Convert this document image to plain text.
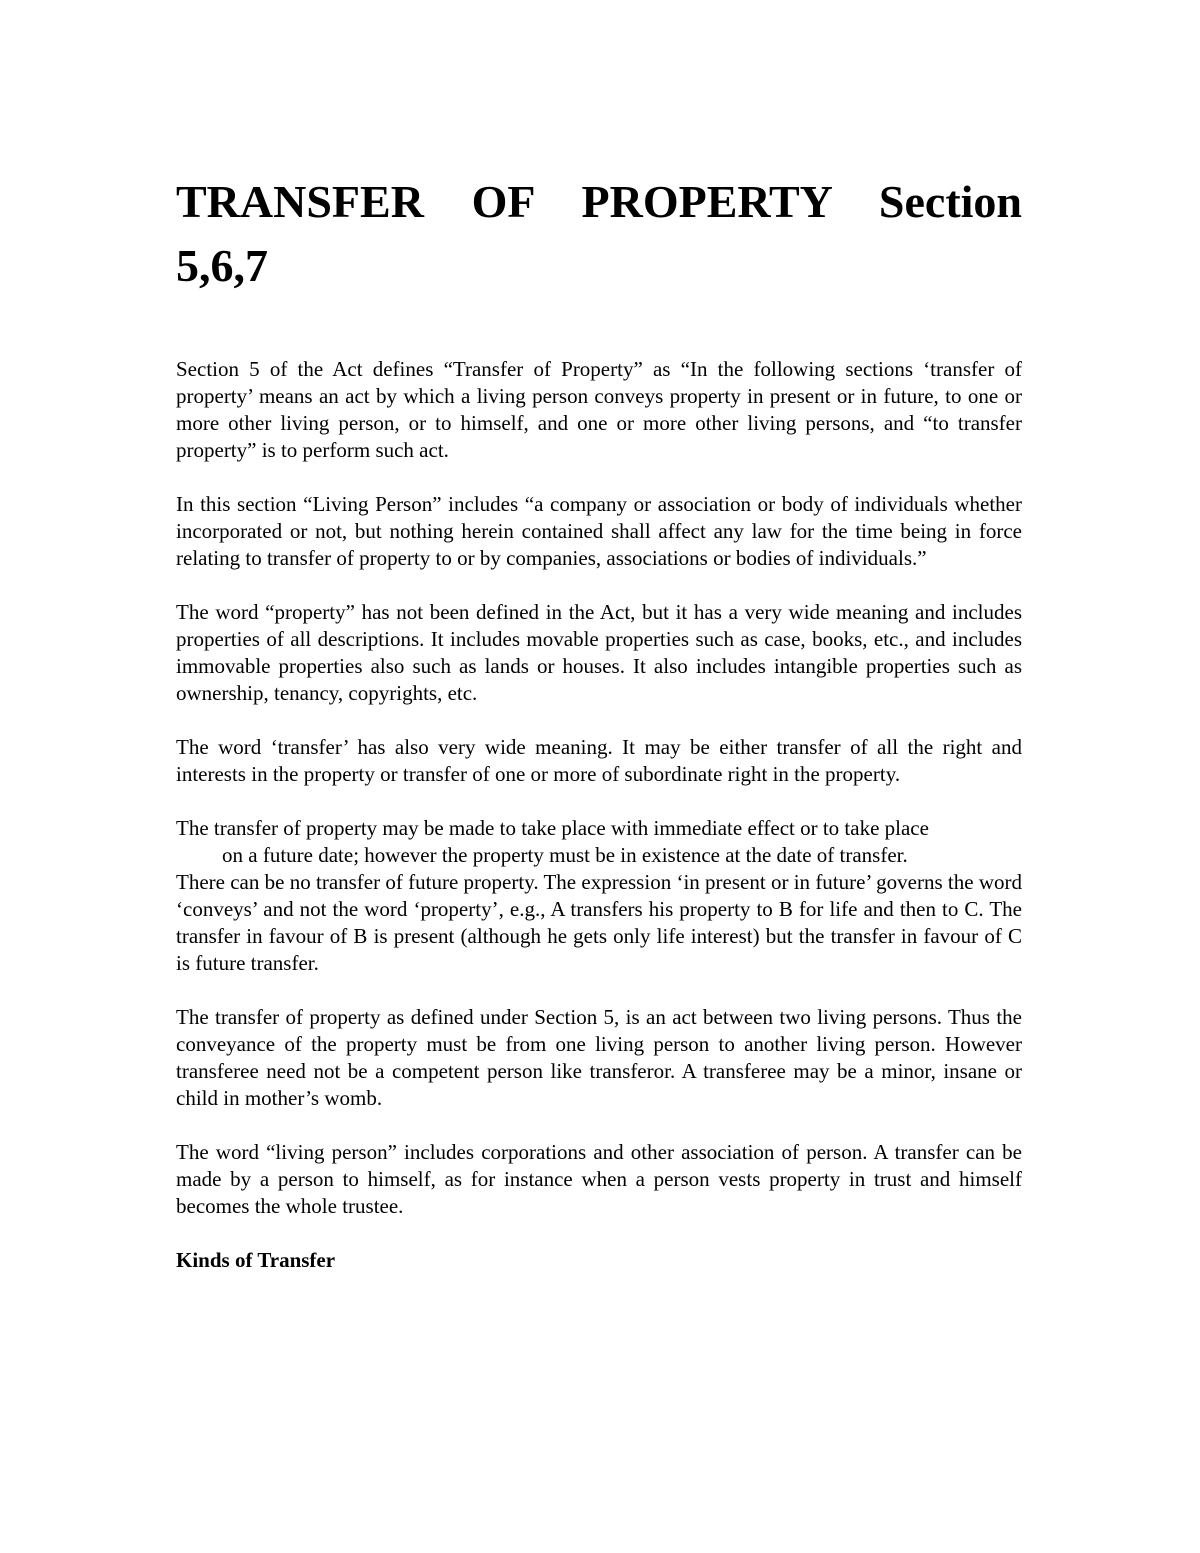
TRANSFER OF PROPERTY Section
5,6,7

Section 5 of the Act defines “Transfer of Property” as “In the following sections ‘transfer of property’ means an act by which a living person conveys property in present or in future, to one or more other living person, or to himself, and one or more other living persons, and “to transfer property” is to perform such act.

In this section “Living Person” includes “a company or association or body of individuals whether incorporated or not, but nothing herein contained shall affect any law for the time being in force relating to transfer of property to or by companies, associations or bodies of individuals.”

The word “property” has not been defined in the Act, but it has a very wide meaning and includes properties of all descriptions. It includes movable properties such as case, books, etc., and includes immovable properties also such as lands or houses. It also includes intangible properties such as ownership, tenancy, copyrights, etc.

The word ‘transfer’ has also very wide meaning. It may be either transfer of all the right and interests in the property or transfer of one or more of subordinate right in the property.

The transfer of property may be made to take place with immediate effect or to take place
on a future date; however the property must be in existence at the date of transfer.
There can be no transfer of future property. The expression ‘in present or in future’ governs the word ‘conveys’ and not the word ‘property’, e.g., A transfers his property to B for life and then to C. The transfer in favour of B is present (although he gets only life interest) but the transfer in favour of C is future transfer.

The transfer of property as defined under Section 5, is an act between two living persons. Thus the conveyance of the property must be from one living person to another living person. However transferee need not be a competent person like transferor. A transferee may be a minor, insane or child in mother’s womb.

The word “living person” includes corporations and other association of person. A transfer can be made by a person to himself, as for instance when a person vests property in trust and himself becomes the whole trustee.

Kinds of Transfer
